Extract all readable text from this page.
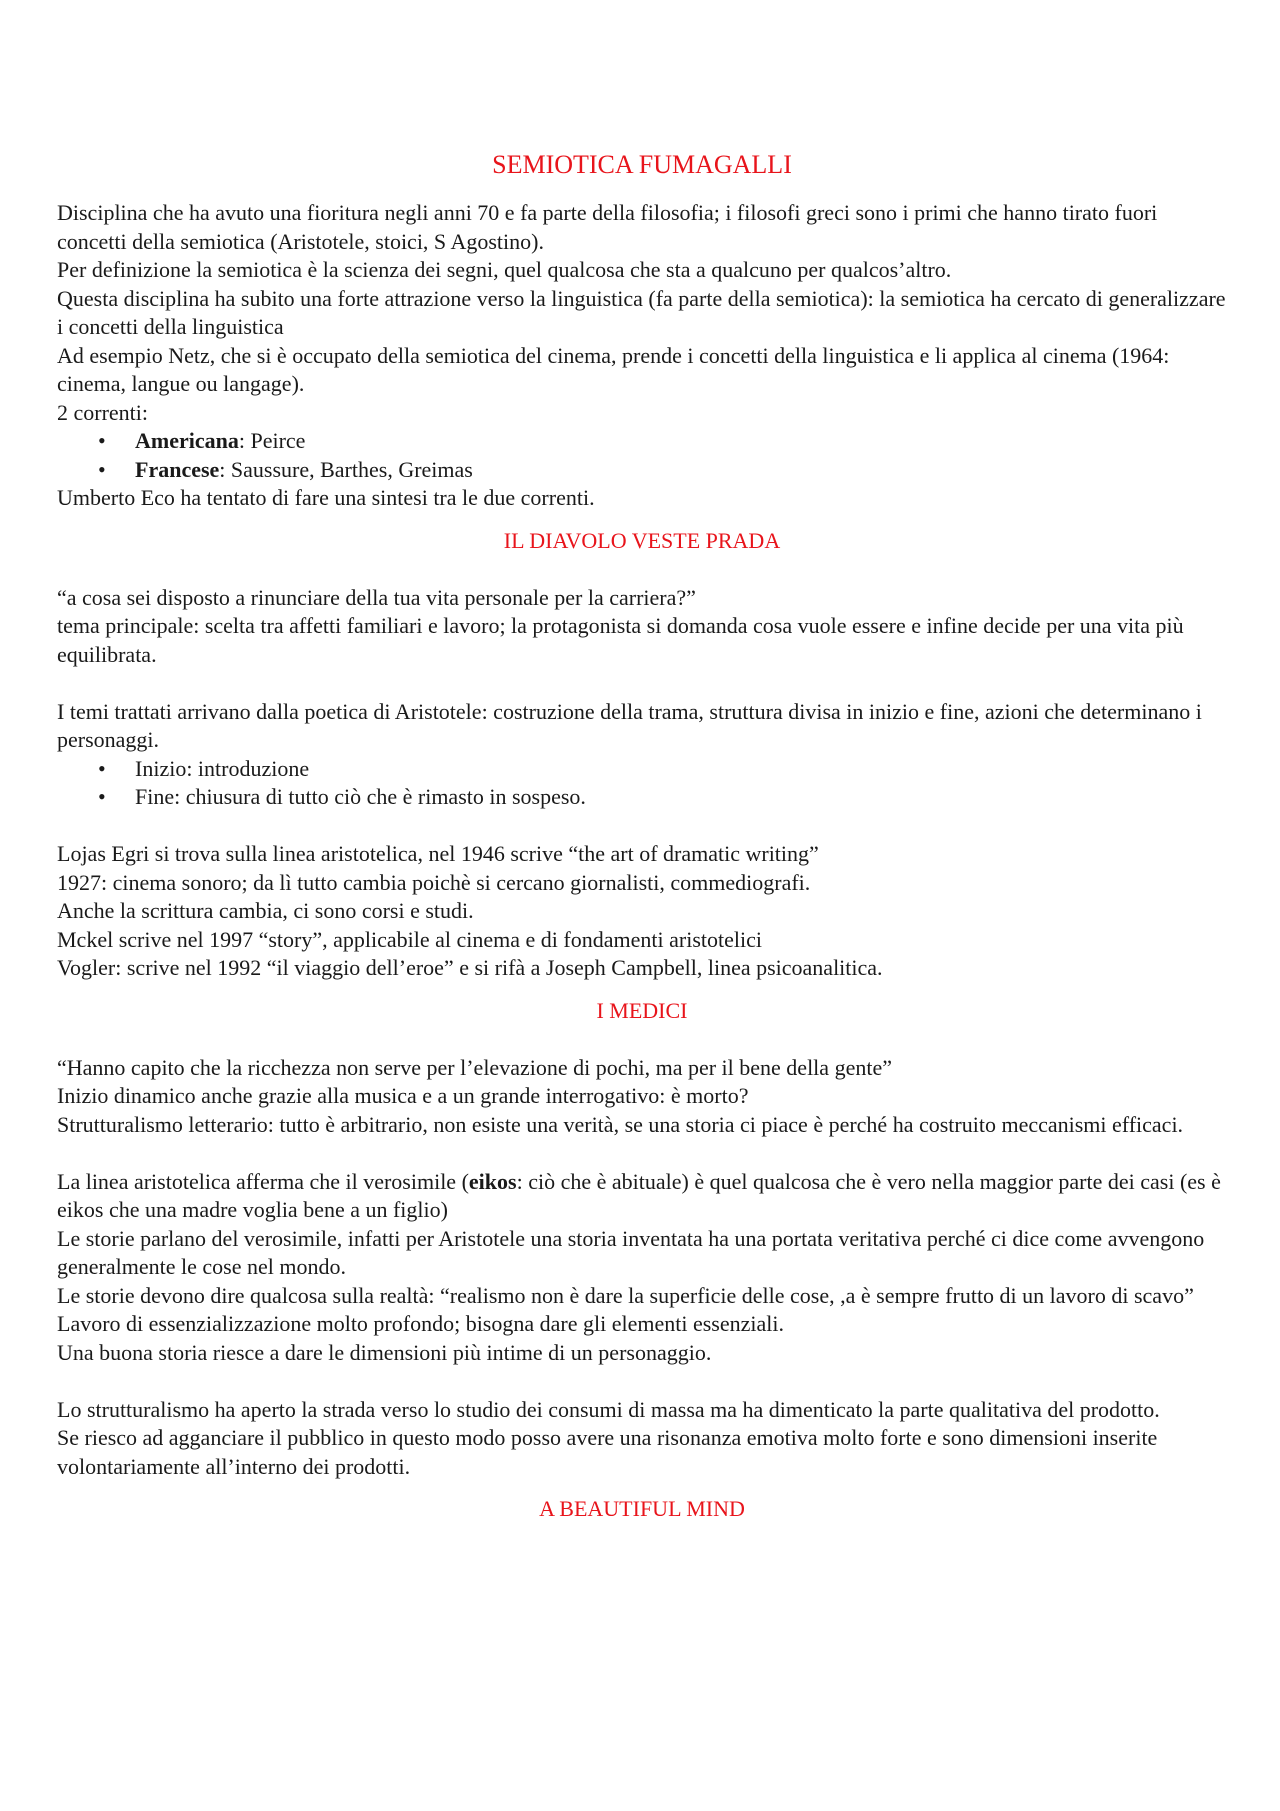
SEMIOTICA FUMAGALLI

Disciplina che ha avuto una fioritura negli anni 70 e fa parte della filosofia; i filosofi greci sono i primi che hanno tirato fuori concetti della semiotica (Aristotele, stoici, S Agostino).

Per definizione la semiotica è la scienza dei segni, quel qualcosa che sta a qualcuno per qualcos’altro.

Questa disciplina ha subito una forte attrazione verso la linguistica (fa parte della semiotica): la semiotica ha cercato di generalizzare i concetti della linguistica

Ad esempio Netz, che si è occupato della semiotica del cinema, prende i concetti della linguistica e li applica al cinema (1964: cinema, langue ou langage).

2 correnti:

• Americana: Peirce
• Francese: Saussure, Barthes, Greimas

Umberto Eco ha tentato di fare una sintesi tra le due correnti.

IL DIAVOLO VESTE PRADA

“a cosa sei disposto a rinunciare della tua vita personale per la carriera?”

tema principale: scelta tra affetti familiari e lavoro; la protagonista si domanda cosa vuole essere e infine decide per una vita più equilibrata.

I temi trattati arrivano dalla poetica di Aristotele: costruzione della trama, struttura divisa in inizio e fine, azioni che determinano i personaggi.

• Inizio: introduzione
• Fine: chiusura di tutto ciò che è rimasto in sospeso.

Lojas Egri si trova sulla linea aristotelica, nel 1946 scrive “the art of dramatic writing”

1927: cinema sonoro; da lì tutto cambia poichè si cercano giornalisti, commediografi.

Anche la scrittura cambia, ci sono corsi e studi.

Mckel scrive nel 1997 “story”, applicabile al cinema e di fondamenti aristotelici

Vogler: scrive nel 1992 “il viaggio dell’eroe” e si rifà a Joseph Campbell, linea psicoanalitica.

I MEDICI

“Hanno capito che la ricchezza non serve per l’elevazione di pochi, ma per il bene della gente”

Inizio dinamico anche grazie alla musica e a un grande interrogativo: è morto?

Strutturalismo letterario: tutto è arbitrario, non esiste una verità, se una storia ci piace è perché ha costruito meccanismi efficaci.

La linea aristotelica afferma che il verosimile (eikos: ciò che è abituale) è quel qualcosa che è vero nella maggior parte dei casi (es è eikos che una madre voglia bene a un figlio)

Le storie parlano del verosimile, infatti per Aristotele una storia inventata ha una portata veritativa perché ci dice come avvengono generalmente le cose nel mondo.

Le storie devono dire qualcosa sulla realtà: “realismo non è dare la superficie delle cose, ,a è sempre frutto di un lavoro di scavo”

Lavoro di essenzializzazione molto profondo; bisogna dare gli elementi essenziali.

Una buona storia riesce a dare le dimensioni più intime di un personaggio.

Lo strutturalismo ha aperto la strada verso lo studio dei consumi di massa ma ha dimenticato la parte qualitativa del prodotto.

Se riesco ad agganciare il pubblico in questo modo posso avere una risonanza emotiva molto forte e sono dimensioni inserite volontariamente all’interno dei prodotti.

A BEAUTIFUL MIND
